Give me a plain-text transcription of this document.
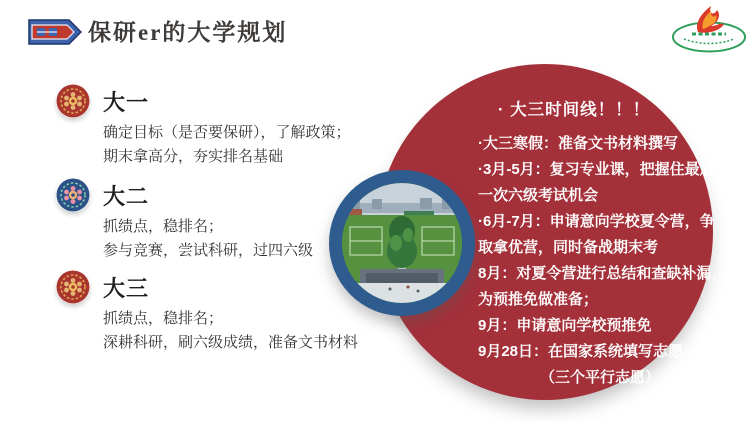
保研er的大学规划
· 大三时间线！！！
·大三寒假：准备文书材料撰写
·3月-5月：复习专业课，把握住最后
一次六级考试机会
·6月-7月：申请意向学校夏令营，争
取拿优营，同时备战期末考
8月：对夏令营进行总结和查缺补漏，
为预推免做准备；
9月：申请意向学校预推免
9月28日：在国家系统填写志愿
（三个平行志愿）
大一
确定目标（是否要保研），了解政策；
期末拿高分，夯实排名基础
大二
抓绩点，稳排名；
参与竞赛，尝试科研，过四六级
大三
抓绩点，稳排名；
深耕科研，刷六级成绩，准备文书材料
